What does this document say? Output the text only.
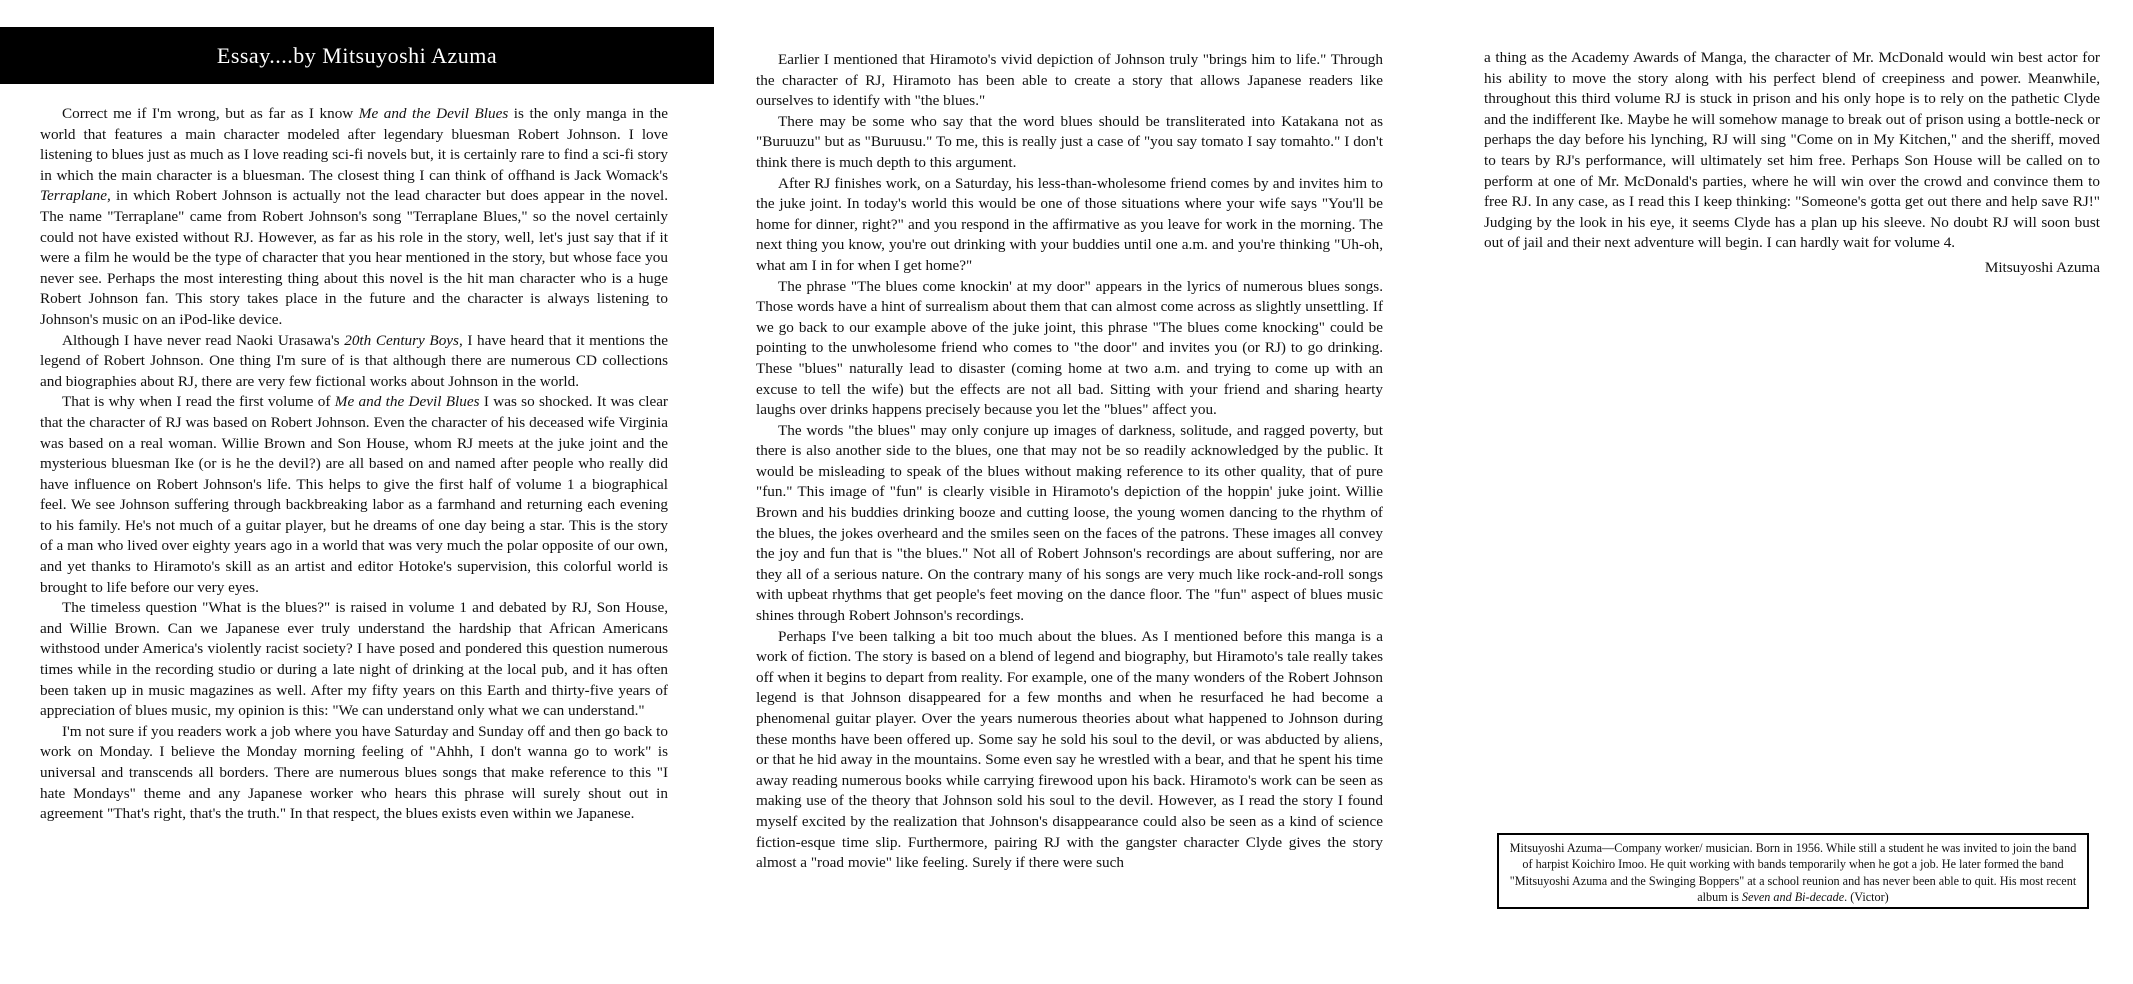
Essay....by Mitsuyoshi Azuma

Correct me if I'm wrong, but as far as I know Me and the Devil Blues is the only manga in the world that features a main character modeled after legendary bluesman Robert Johnson. I love listening to blues just as much as I love reading sci-fi novels but, it is certainly rare to find a sci-fi story in which the main character is a bluesman. The closest thing I can think of offhand is Jack Womack's Terraplane, in which Robert Johnson is actually not the lead character but does appear in the novel. The name "Terraplane" came from Robert Johnson's song "Terraplane Blues," so the novel certainly could not have existed without RJ. However, as far as his role in the story, well, let's just say that if it were a film he would be the type of character that you hear mentioned in the story, but whose face you never see. Perhaps the most interesting thing about this novel is the hit man character who is a huge Robert Johnson fan. This story takes place in the future and the character is always listening to Johnson's music on an iPod-like device.

Although I have never read Naoki Urasawa's 20th Century Boys, I have heard that it mentions the legend of Robert Johnson. One thing I'm sure of is that although there are numerous CD collections and biographies about RJ, there are very few fictional works about Johnson in the world.

That is why when I read the first volume of Me and the Devil Blues I was so shocked. It was clear that the character of RJ was based on Robert Johnson. Even the character of his deceased wife Virginia was based on a real woman. Willie Brown and Son House, whom RJ meets at the juke joint and the mysterious bluesman Ike (or is he the devil?) are all based on and named after people who really did have influence on Robert Johnson's life. This helps to give the first half of volume 1 a biographical feel. We see Johnson suffering through backbreaking labor as a farmhand and returning each evening to his family. He's not much of a guitar player, but he dreams of one day being a star. This is the story of a man who lived over eighty years ago in a world that was very much the polar opposite of our own, and yet thanks to Hiramoto's skill as an artist and editor Hotoke's supervision, this colorful world is brought to life before our very eyes.

The timeless question "What is the blues?" is raised in volume 1 and debated by RJ, Son House, and Willie Brown. Can we Japanese ever truly understand the hardship that African Americans withstood under America's violently racist society? I have posed and pondered this question numerous times while in the recording studio or during a late night of drinking at the local pub, and it has often been taken up in music magazines as well. After my fifty years on this Earth and thirty-five years of appreciation of blues music, my opinion is this: "We can understand only what we can understand."

I'm not sure if you readers work a job where you have Saturday and Sunday off and then go back to work on Monday. I believe the Monday morning feeling of "Ahhh, I don't wanna go to work" is universal and transcends all borders. There are numerous blues songs that make reference to this "I hate Mondays" theme and any Japanese worker who hears this phrase will surely shout out in agreement "That's right, that's the truth." In that respect, the blues exists even within we Japanese.

Earlier I mentioned that Hiramoto's vivid depiction of Johnson truly "brings him to life." Through the character of RJ, Hiramoto has been able to create a story that allows Japanese readers like ourselves to identify with "the blues."

There may be some who say that the word blues should be transliterated into Katakana not as "Buruuzu" but as "Buruusu." To me, this is really just a case of "you say tomato I say tomahto." I don't think there is much depth to this argument.

After RJ finishes work, on a Saturday, his less-than-wholesome friend comes by and invites him to the juke joint. In today's world this would be one of those situations where your wife says "You'll be home for dinner, right?" and you respond in the affirmative as you leave for work in the morning. The next thing you know, you're out drinking with your buddies until one a.m. and you're thinking "Uh-oh, what am I in for when I get home?"

The phrase "The blues come knockin' at my door" appears in the lyrics of numerous blues songs. Those words have a hint of surrealism about them that can almost come across as slightly unsettling. If we go back to our example above of the juke joint, this phrase "The blues come knocking" could be pointing to the unwholesome friend who comes to "the door" and invites you (or RJ) to go drinking. These "blues" naturally lead to disaster (coming home at two a.m. and trying to come up with an excuse to tell the wife) but the effects are not all bad. Sitting with your friend and sharing hearty laughs over drinks happens precisely because you let the "blues" affect you.

The words "the blues" may only conjure up images of darkness, solitude, and ragged poverty, but there is also another side to the blues, one that may not be so readily acknowledged by the public. It would be misleading to speak of the blues without making reference to its other quality, that of pure "fun." This image of "fun" is clearly visible in Hiramoto's depiction of the hoppin' juke joint. Willie Brown and his buddies drinking booze and cutting loose, the young women dancing to the rhythm of the blues, the jokes overheard and the smiles seen on the faces of the patrons. These images all convey the joy and fun that is "the blues." Not all of Robert Johnson's recordings are about suffering, nor are they all of a serious nature. On the contrary many of his songs are very much like rock-and-roll songs with upbeat rhythms that get people's feet moving on the dance floor. The "fun" aspect of blues music shines through Robert Johnson's recordings.

Perhaps I've been talking a bit too much about the blues. As I mentioned before this manga is a work of fiction. The story is based on a blend of legend and biography, but Hiramoto's tale really takes off when it begins to depart from reality. For example, one of the many wonders of the Robert Johnson legend is that Johnson disappeared for a few months and when he resurfaced he had become a phenomenal guitar player. Over the years numerous theories about what happened to Johnson during these months have been offered up. Some say he sold his soul to the devil, or was abducted by aliens, or that he hid away in the mountains. Some even say he wrestled with a bear, and that he spent his time away reading numerous books while carrying firewood upon his back. Hiramoto's work can be seen as making use of the theory that Johnson sold his soul to the devil. However, as I read the story I found myself excited by the realization that Johnson's disappearance could also be seen as a kind of science fiction-esque time slip. Furthermore, pairing RJ with the gangster character Clyde gives the story almost a "road movie" like feeling. Surely if there were such

a thing as the Academy Awards of Manga, the character of Mr. McDonald would win best actor for his ability to move the story along with his perfect blend of creepiness and power. Meanwhile, throughout this third volume RJ is stuck in prison and his only hope is to rely on the pathetic Clyde and the indifferent Ike. Maybe he will somehow manage to break out of prison using a bottle-neck or perhaps the day before his lynching, RJ will sing "Come on in My Kitchen," and the sheriff, moved to tears by RJ's performance, will ultimately set him free. Perhaps Son House will be called on to perform at one of Mr. McDonald's parties, where he will win over the crowd and convince them to free RJ. In any case, as I read this I keep thinking: "Someone's gotta get out there and help save RJ!" Judging by the look in his eye, it seems Clyde has a plan up his sleeve. No doubt RJ will soon bust out of jail and their next adventure will begin. I can hardly wait for volume 4.

Mitsuyoshi Azuma
Mitsuyoshi Azuma—Company worker/ musician. Born in 1956. While still a student he was invited to join the band of harpist Koichiro Imoo. He quit working with bands temporarily when he got a job. He later formed the band "Mitsuyoshi Azuma and the Swinging Boppers" at a school reunion and has never been able to quit. His most recent album is Seven and Bi-decade. (Victor)
